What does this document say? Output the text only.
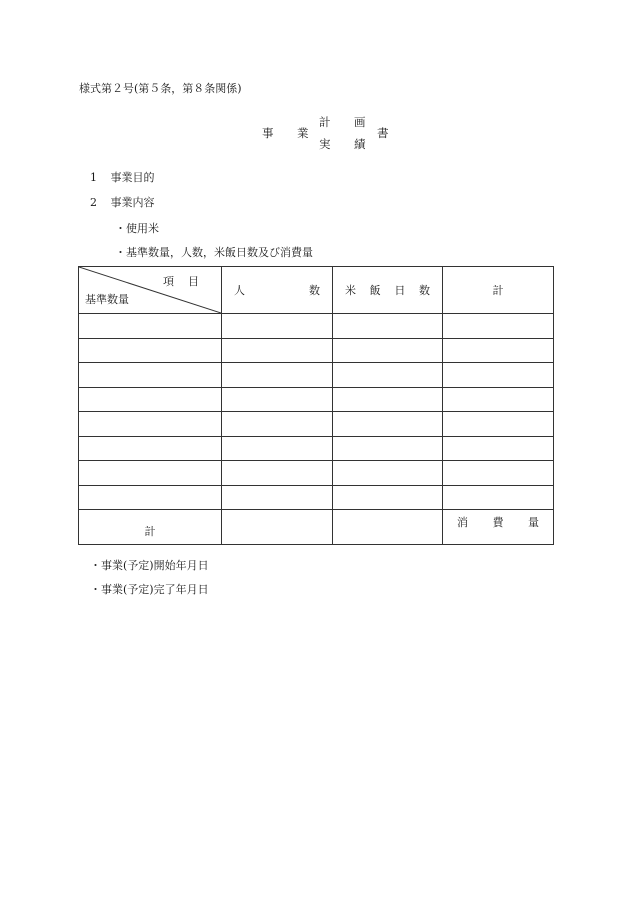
様式第２号(第５条，第８条関係)
事 業
計 画
実 績
書
1 事業目的
2 事業内容
・使用米
・基準数量，人数，米飯日数及び消費量
項目
基準数量	人 数	米 飯 日 数	計

計			消 費 量
・事業(予定)開始年月日
・事業(予定)完了年月日
